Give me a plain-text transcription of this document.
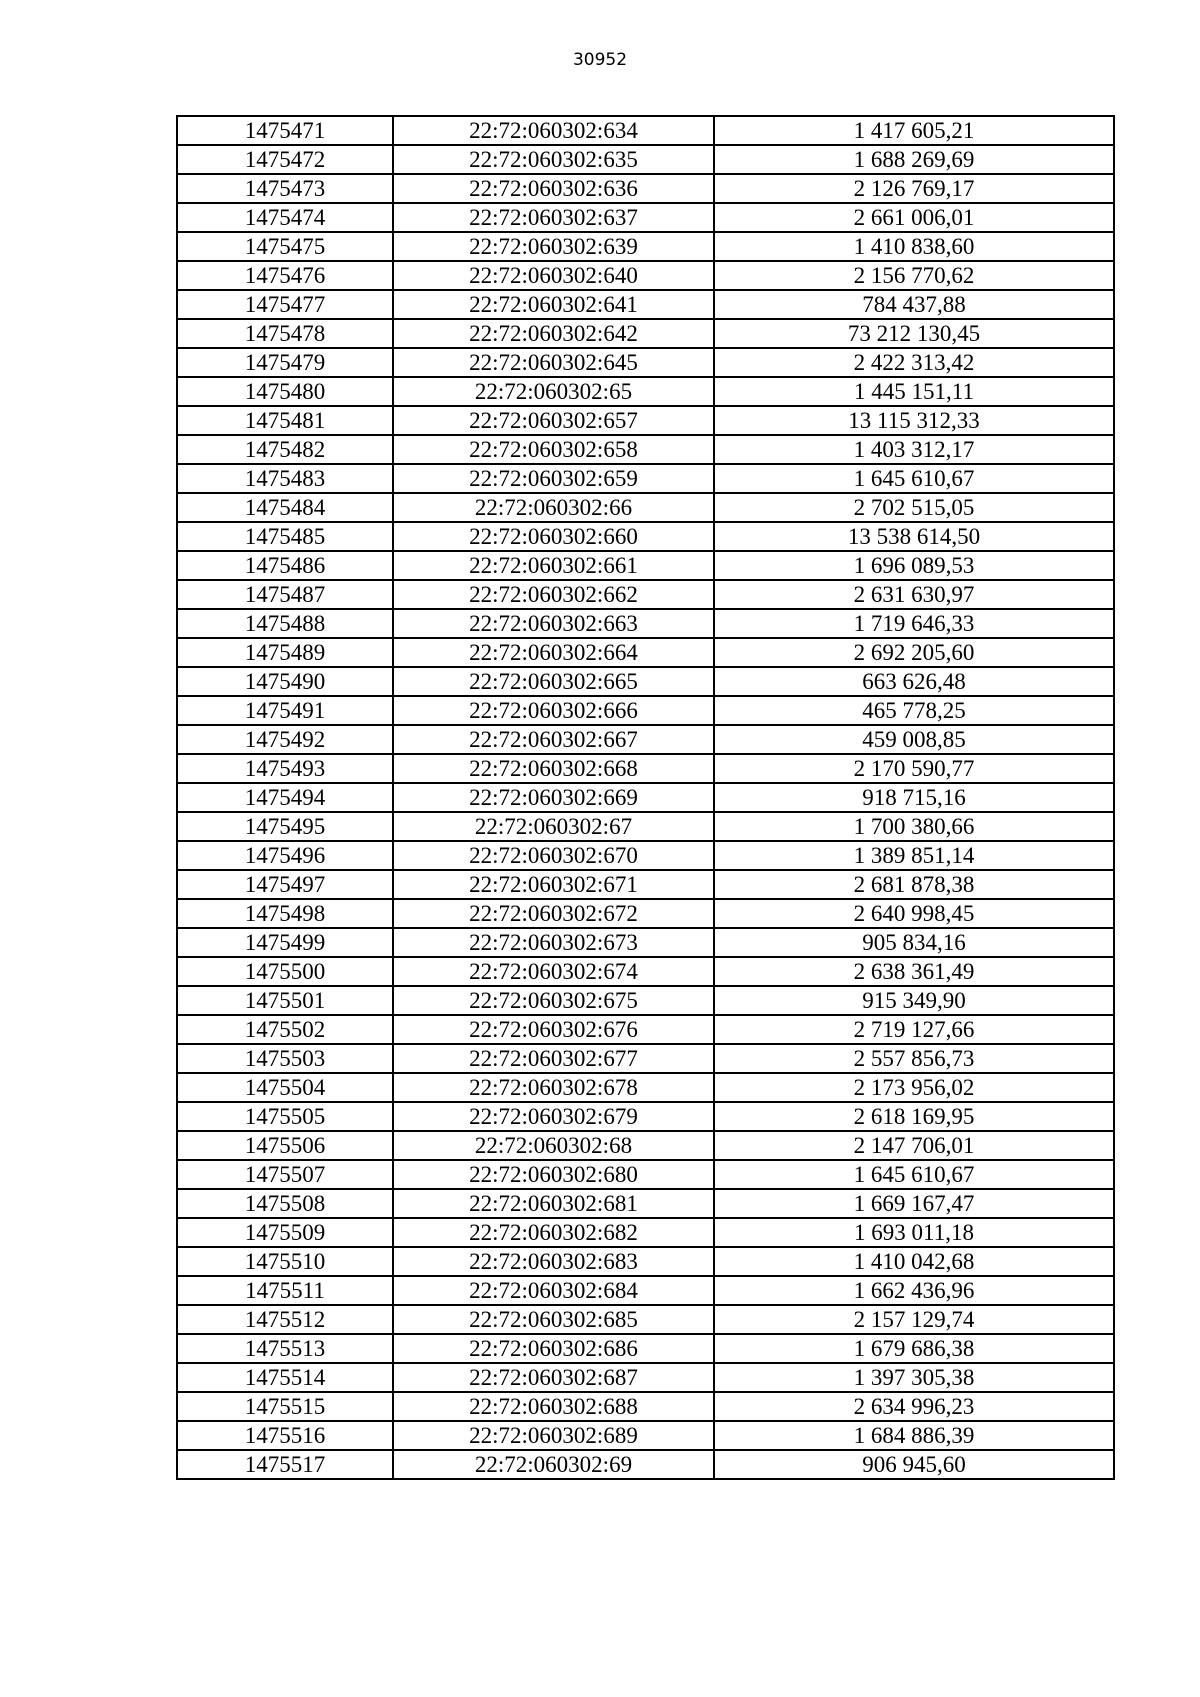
30952
1475471	22:72:060302:634	1 417 605,21
1475472	22:72:060302:635	1 688 269,69
1475473	22:72:060302:636	2 126 769,17
1475474	22:72:060302:637	2 661 006,01
1475475	22:72:060302:639	1 410 838,60
1475476	22:72:060302:640	2 156 770,62
1475477	22:72:060302:641	784 437,88
1475478	22:72:060302:642	73 212 130,45
1475479	22:72:060302:645	2 422 313,42
1475480	22:72:060302:65	1 445 151,11
1475481	22:72:060302:657	13 115 312,33
1475482	22:72:060302:658	1 403 312,17
1475483	22:72:060302:659	1 645 610,67
1475484	22:72:060302:66	2 702 515,05
1475485	22:72:060302:660	13 538 614,50
1475486	22:72:060302:661	1 696 089,53
1475487	22:72:060302:662	2 631 630,97
1475488	22:72:060302:663	1 719 646,33
1475489	22:72:060302:664	2 692 205,60
1475490	22:72:060302:665	663 626,48
1475491	22:72:060302:666	465 778,25
1475492	22:72:060302:667	459 008,85
1475493	22:72:060302:668	2 170 590,77
1475494	22:72:060302:669	918 715,16
1475495	22:72:060302:67	1 700 380,66
1475496	22:72:060302:670	1 389 851,14
1475497	22:72:060302:671	2 681 878,38
1475498	22:72:060302:672	2 640 998,45
1475499	22:72:060302:673	905 834,16
1475500	22:72:060302:674	2 638 361,49
1475501	22:72:060302:675	915 349,90
1475502	22:72:060302:676	2 719 127,66
1475503	22:72:060302:677	2 557 856,73
1475504	22:72:060302:678	2 173 956,02
1475505	22:72:060302:679	2 618 169,95
1475506	22:72:060302:68	2 147 706,01
1475507	22:72:060302:680	1 645 610,67
1475508	22:72:060302:681	1 669 167,47
1475509	22:72:060302:682	1 693 011,18
1475510	22:72:060302:683	1 410 042,68
1475511	22:72:060302:684	1 662 436,96
1475512	22:72:060302:685	2 157 129,74
1475513	22:72:060302:686	1 679 686,38
1475514	22:72:060302:687	1 397 305,38
1475515	22:72:060302:688	2 634 996,23
1475516	22:72:060302:689	1 684 886,39
1475517	22:72:060302:69	906 945,60
